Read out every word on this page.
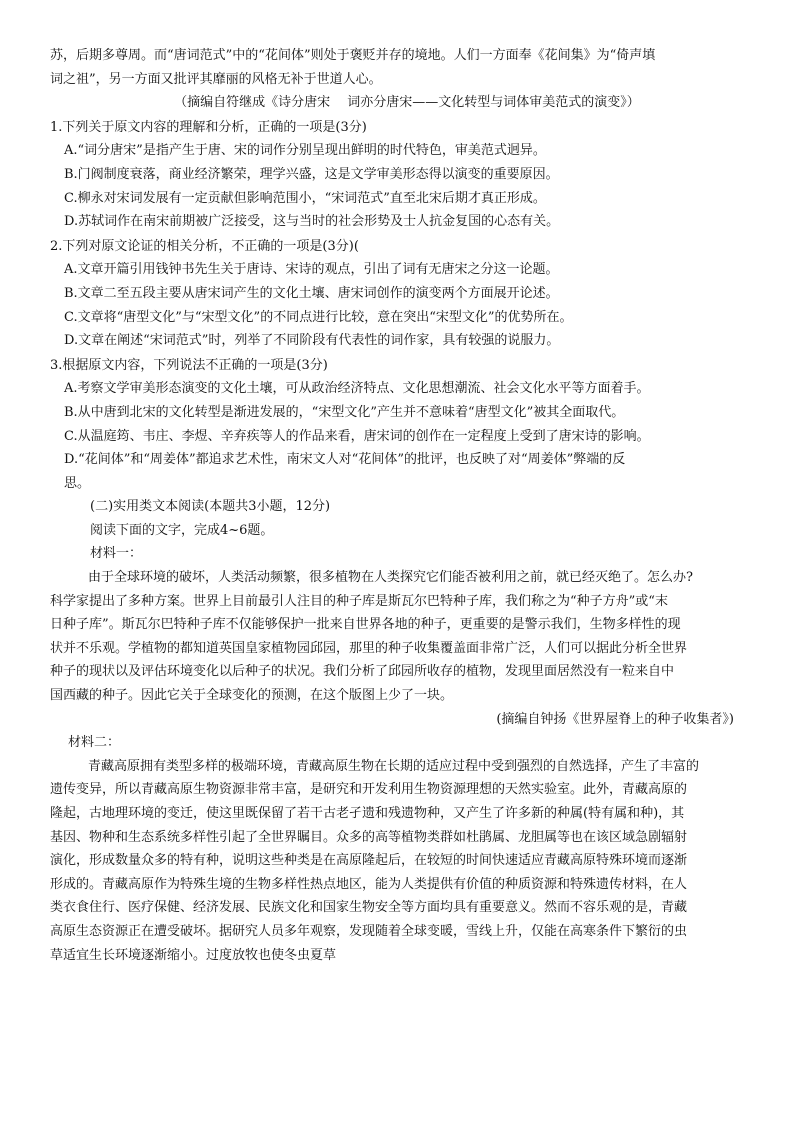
苏，后期多尊周。而“唐词范式”中的“花间体”则处于褒贬并存的境地。人们一方面奉《花间集》为“倚声填

词之祖”，另一方面又批评其靡丽的风格无补于世道人心。

（摘编自符继成《诗分唐宋　 词亦分唐宋——文化转型与词体审美范式的演变》）

1.下列关于原文内容的理解和分析，正确的一项是(3分)

A.“词分唐宋”是指产生于唐、宋的词作分别呈现出鲜明的时代特色，审美范式迥异。

B.门阀制度衰落，商业经济繁荣，理学兴盛，这是文学审美形态得以演变的重要原因。

C.柳永对宋词发展有一定贡献但影响范围小，“宋词范式”直至北宋后期才真正形成。

D.苏轼词作在南宋前期被广泛接受，这与当时的社会形势及士人抗金复国的心态有关。

2.下列对原文论证的相关分析，不正确的一项是(3分)(

A.文章开篇引用钱钟书先生关于唐诗、宋诗的观点，引出了词有无唐宋之分这一论题。

B.文章二至五段主要从唐宋词产生的文化土壤、唐宋词创作的演变两个方面展开论述。

C.文章将“唐型文化”与“宋型文化”的不同点进行比较，意在突出“宋型文化”的优势所在。

D.文章在阐述“宋词范式”时，列举了不同阶段有代表性的词作家，具有较强的说服力。

3.根据原文内容，下列说法不正确的一项是(3分)

A.考察文学审美形态演变的文化土壤，可从政治经济特点、文化思想潮流、社会文化水平等方面着手。

B.从中唐到北宋的文化转型是渐进发展的，“宋型文化”产生并不意味着“唐型文化”被其全面取代。

C.从温庭筠、韦庄、李煜、辛弃疾等人的作品来看，唐宋词的创作在一定程度上受到了唐宋诗的影响。

D.“花间体”和“周姜体”都追求艺术性，南宋文人对“花间体”的批评，也反映了对“周姜体”弊端的反

思。

(二)实用类文本阅读(本题共3小题，12分)

阅读下面的文字，完成4~6题。

材料一：

由于全球环境的破坏，人类活动频繁，很多植物在人类探究它们能否被利用之前，就已经灭绝了。怎么办?

科学家提出了多种方案。世界上目前最引人注目的种子库是斯瓦尔巴特种子库，我们称之为“种子方舟”或“末

日种子库”。斯瓦尔巴特种子库不仅能够保护一批来自世界各地的种子，更重要的是警示我们，生物多样性的现

状并不乐观。学植物的都知道英国皇家植物园邱园，那里的种子收集覆盖面非常广泛，人们可以据此分析全世界

种子的现状以及评估环境变化以后种子的状况。我们分析了邱园所收存的植物，发现里面居然没有一粒来自中

国西藏的种子。因此它关于全球变化的预测，在这个版图上少了一块。

(摘编自钟扬《世界屋脊上的种子收集者》)

材料二：

青藏高原拥有类型多样的极端环境，青藏高原生物在长期的适应过程中受到强烈的自然选择，产生了丰富的

遗传变异，所以青藏高原生物资源非常丰富，是研究和开发利用生物资源理想的天然实验室。此外，青藏高原的

隆起，古地理环境的变迁，使这里既保留了若干古老孑遗和残遗物种，又产生了许多新的种属(特有属和种)，其

基因、物种和生态系统多样性引起了全世界瞩目。众多的高等植物类群如杜鹃属、龙胆属等也在该区域急剧辐射

演化，形成数量众多的特有种，说明这些种类是在高原隆起后，在较短的时间快速适应青藏高原特殊环境而逐渐

形成的。青藏高原作为特殊生境的生物多样性热点地区，能为人类提供有价值的种质资源和特殊遗传材料，在人

类衣食住行、医疗保健、经济发展、民族文化和国家生物安全等方面均具有重要意义。然而不容乐观的是，青藏

高原生态资源正在遭受破坏。据研究人员多年观察，发现随着全球变暖，雪线上升，仅能在高寒条件下繁衍的虫

草适宜生长环境逐渐缩小。过度放牧也使冬虫夏草
